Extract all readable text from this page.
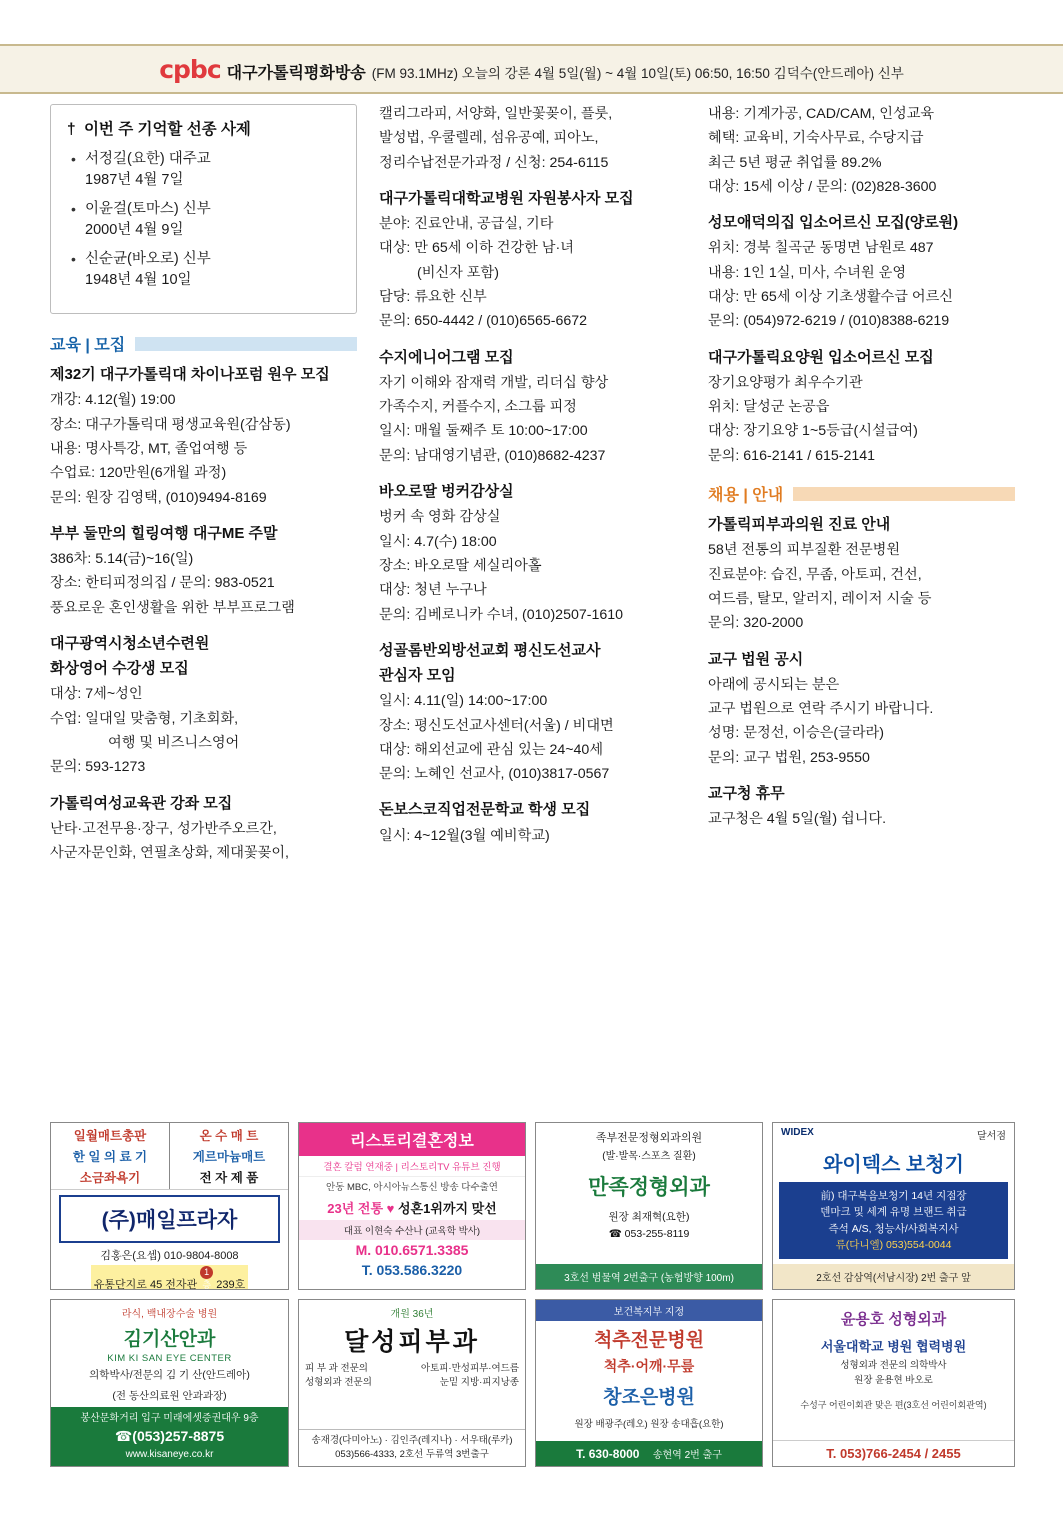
cpbc 대구가톨릭평화방송 (FM 93.1MHz) 오늘의 강론 4월 5일(월) ~ 4월 10일(토) 06:50, 16:50 김덕수(안드레아) 신부
† 이번 주 기억할 선종 사제
• 서정길(요한) 대주교
1987년 4월 7일
• 이윤걸(토마스) 신부
2000년 4월 9일
• 신순균(바오로) 신부
1948년 4월 10일
교육 | 모집
제32기 대구가톨릭대 차이나포럼 원우 모집

개강: 4.12(월) 19:00

장소: 대구가톨릭대 평생교육원(감삼동)

내용: 명사특강, MT, 졸업여행 등

수업료: 120만원(6개월 과정)

문의: 원장 김영택, (010)9494-8169

부부 둘만의 힐링여행 대구ME 주말

386차: 5.14(금)~16(일)

장소: 한티피정의집 / 문의: 983-0521

풍요로운 혼인생활을 위한 부부프로그램

대구광역시청소년수련원
화상영어 수강생 모집

대상: 7세~성인

수업: 일대일 맞춤형, 기초회화,

여행 및 비즈니스영어

문의: 593-1273

가톨릭여성교육관 강좌 모집

난타·고전무용·장구, 성가반주오르간,

사군자문인화, 연필초상화, 제대꽃꽂이,

캘리그라피, 서양화, 일반꽃꽂이, 플룻,

발성법, 우쿨렐레, 섬유공예, 피아노,

정리수납전문가과정 / 신청: 254-6115

대구가톨릭대학교병원 자원봉사자 모집

분야: 진료안내, 공급실, 기타

대상: 만 65세 이하 건강한 남·녀

(비신자 포함)

담당: 류요한 신부

문의: 650-4442 / (010)6565-6672

수지에니어그램 모집

자기 이해와 잠재력 개발, 리더십 향상

가족수지, 커플수지, 소그룹 피정

일시: 매월 둘째주 토 10:00~17:00

문의: 남대영기념관, (010)8682-4237

바오로딸 벙커감상실

벙커 속 영화 감상실

일시: 4.7(수) 18:00

장소: 바오로딸 세실리아홀

대상: 청년 누구나

문의: 김베로니카 수녀, (010)2507-1610

성골롬반외방선교회 평신도선교사
관심자 모임

일시: 4.11(일) 14:00~17:00

장소: 평신도선교사센터(서울) / 비대면

대상: 해외선교에 관심 있는 24~40세

문의: 노혜인 선교사, (010)3817-0567

돈보스코직업전문학교 학생 모집

일시: 4~12월(3월 예비학교)

내용: 기계가공, CAD/CAM, 인성교육

혜택: 교육비, 기숙사무료, 수당지급

최근 5년 평균 취업률 89.2%

대상: 15세 이상 / 문의: (02)828-3600

성모애덕의집 입소어르신 모집(양로원)

위치: 경북 칠곡군 동명면 남원로 487

내용: 1인 1실, 미사, 수녀원 운영

대상: 만 65세 이상 기초생활수급 어르신

문의: (054)972-6219 / (010)8388-6219

대구가톨릭요양원 입소어르신 모집

장기요양평가 최우수기관

위치: 달성군 논공읍

대상: 장기요양 1~5등급(시설급여)

문의: 616-2141 / 615-2141

채용 | 안내
가톨릭피부과의원 진료 안내

58년 전통의 피부질환 전문병원

진료분야: 습진, 무좀, 아토피, 건선,

여드름, 탈모, 알러지, 레이저 시술 등

문의: 320-2000

교구 법원 공시

아래에 공시되는 분은

교구 법원으로 연락 주시기 바랍니다.

성명: 문정선, 이승은(글라라)

문의: 교구 법원, 253-9550

교구청 휴무

교구청은 4월 5일(월) 쉽니다.

일월매트총판
한 일 의 료 기
소금좌욕기
온 수 매 트
게르마늄매트
전 자 제 품
(주)매일프라자
김홍은(요셉) 010-9804-8008
유통단지로 45 전자관 1층 239호
리스토리결혼정보
결혼 칼럼 연재중 | 리스토리TV 유튜브 진행
안동 MBC, 아시아뉴스통신 방송 다수출연
23년 전통 ♥ 성혼1위까지 맞선
대표 이현숙 수산나 (교육학 박사)
M. 010.6571.3385
T. 053.586.3220
족부전문정형외과의원
(발·발목·스포츠 질환)
만족정형외과
원장 최재혁(요한)
☎ 053-255-8119
3호선 범물역 2번출구 (농협방향 100m)
WIDEX	달서점
와이덱스 보청기
前) 대구복음보청기 14년 지점장
덴마크 및 세계 유명 브랜드 취급
즉석 A/S, 청능사/사회복지사
류(다니엘) 053)554-0044
2호선 감삼역(서남시장) 2번 출구 앞
라식, 백내장수술 병원
김기산안과
KIM KI SAN EYE CENTER
의학박사/전문의 김 기 산(안드레아)
(전 동산의료원 안과과장)
봉산문화거리 입구 미래에셋증권대우 9층
☎(053)257-8875
www.kisaneye.co.kr
개원 36년
달성피부과
피 부 과 전문의	아토피·만성피부·여드름
성형외과 전문의	눈밑 지방·피지낭종
송재경(다미아노) · 김인주(레지나) · 서우태(루카)
053)566-4333, 2호선 두류역 3번출구
보건복지부 지정
척추전문병원
척추·어깨·무릎
창조은병원
원장 배광주(레오) 원장 송대흡(요한)
T. 630-8000 송현역 2번 출구
윤용호 성형외과
서울대학교 병원 협력병원
성형외과 전문의 의학박사
원장 윤용현 바오로
수성구 어린이회관 맞은 편(3호선 어린이회관역)
T. 053)766-2454 / 2455
